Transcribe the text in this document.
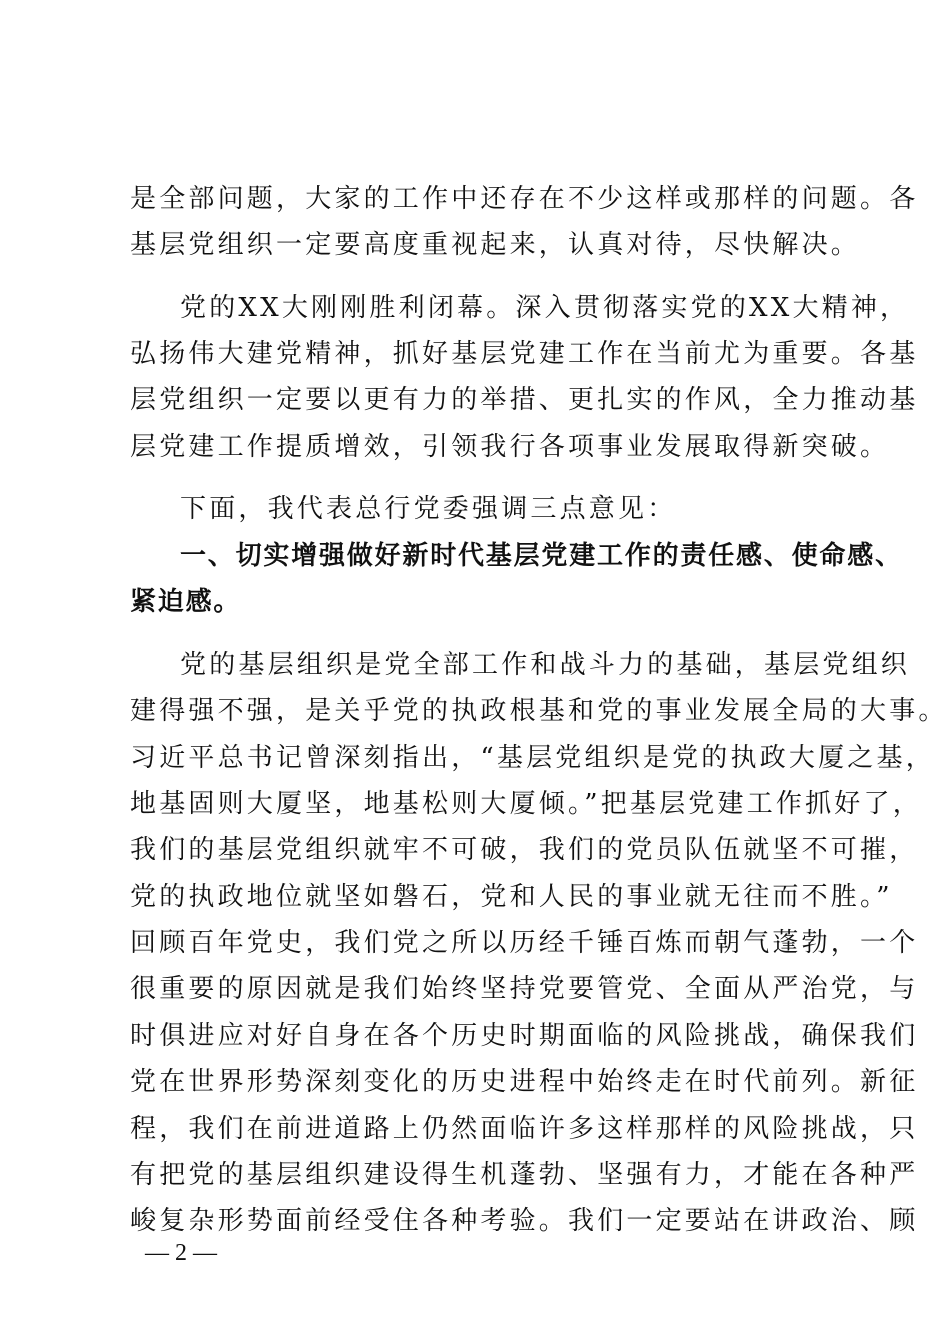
是全部问题，大家的工作中还存在不少这样或那样的问题。各
基层党组织一定要高度重视起来，认真对待，尽快解决。
党的XX大刚刚胜利闭幕。深入贯彻落实党的XX大精神，
弘扬伟大建党精神，抓好基层党建工作在当前尤为重要。各基
层党组织一定要以更有力的举措、更扎实的作风，全力推动基
层党建工作提质增效，引领我行各项事业发展取得新突破。
下面，我代表总行党委强调三点意见：
一、切实增强做好新时代基层党建工作的责任感、使命感、
紧迫感。
党的基层组织是党全部工作和战斗力的基础，基层党组织
建得强不强，是关乎党的执政根基和党的事业发展全局的大事。
习近平总书记曾深刻指出，“基层党组织是党的执政大厦之基，
地基固则大厦坚，地基松则大厦倾。”把基层党建工作抓好了，
我们的基层党组织就牢不可破，我们的党员队伍就坚不可摧，
党的执政地位就坚如磐石，党和人民的事业就无往而不胜。”
回顾百年党史，我们党之所以历经千锤百炼而朝气蓬勃，一个
很重要的原因就是我们始终坚持党要管党、全面从严治党，与
时俱进应对好自身在各个历史时期面临的风险挑战，确保我们
党在世界形势深刻变化的历史进程中始终走在时代前列。新征
程，我们在前进道路上仍然面临许多这样那样的风险挑战，只
有把党的基层组织建设得生机蓬勃、坚强有力，才能在各种严
峻复杂形势面前经受住各种考验。我们一定要站在讲政治、顾
— 2 —
